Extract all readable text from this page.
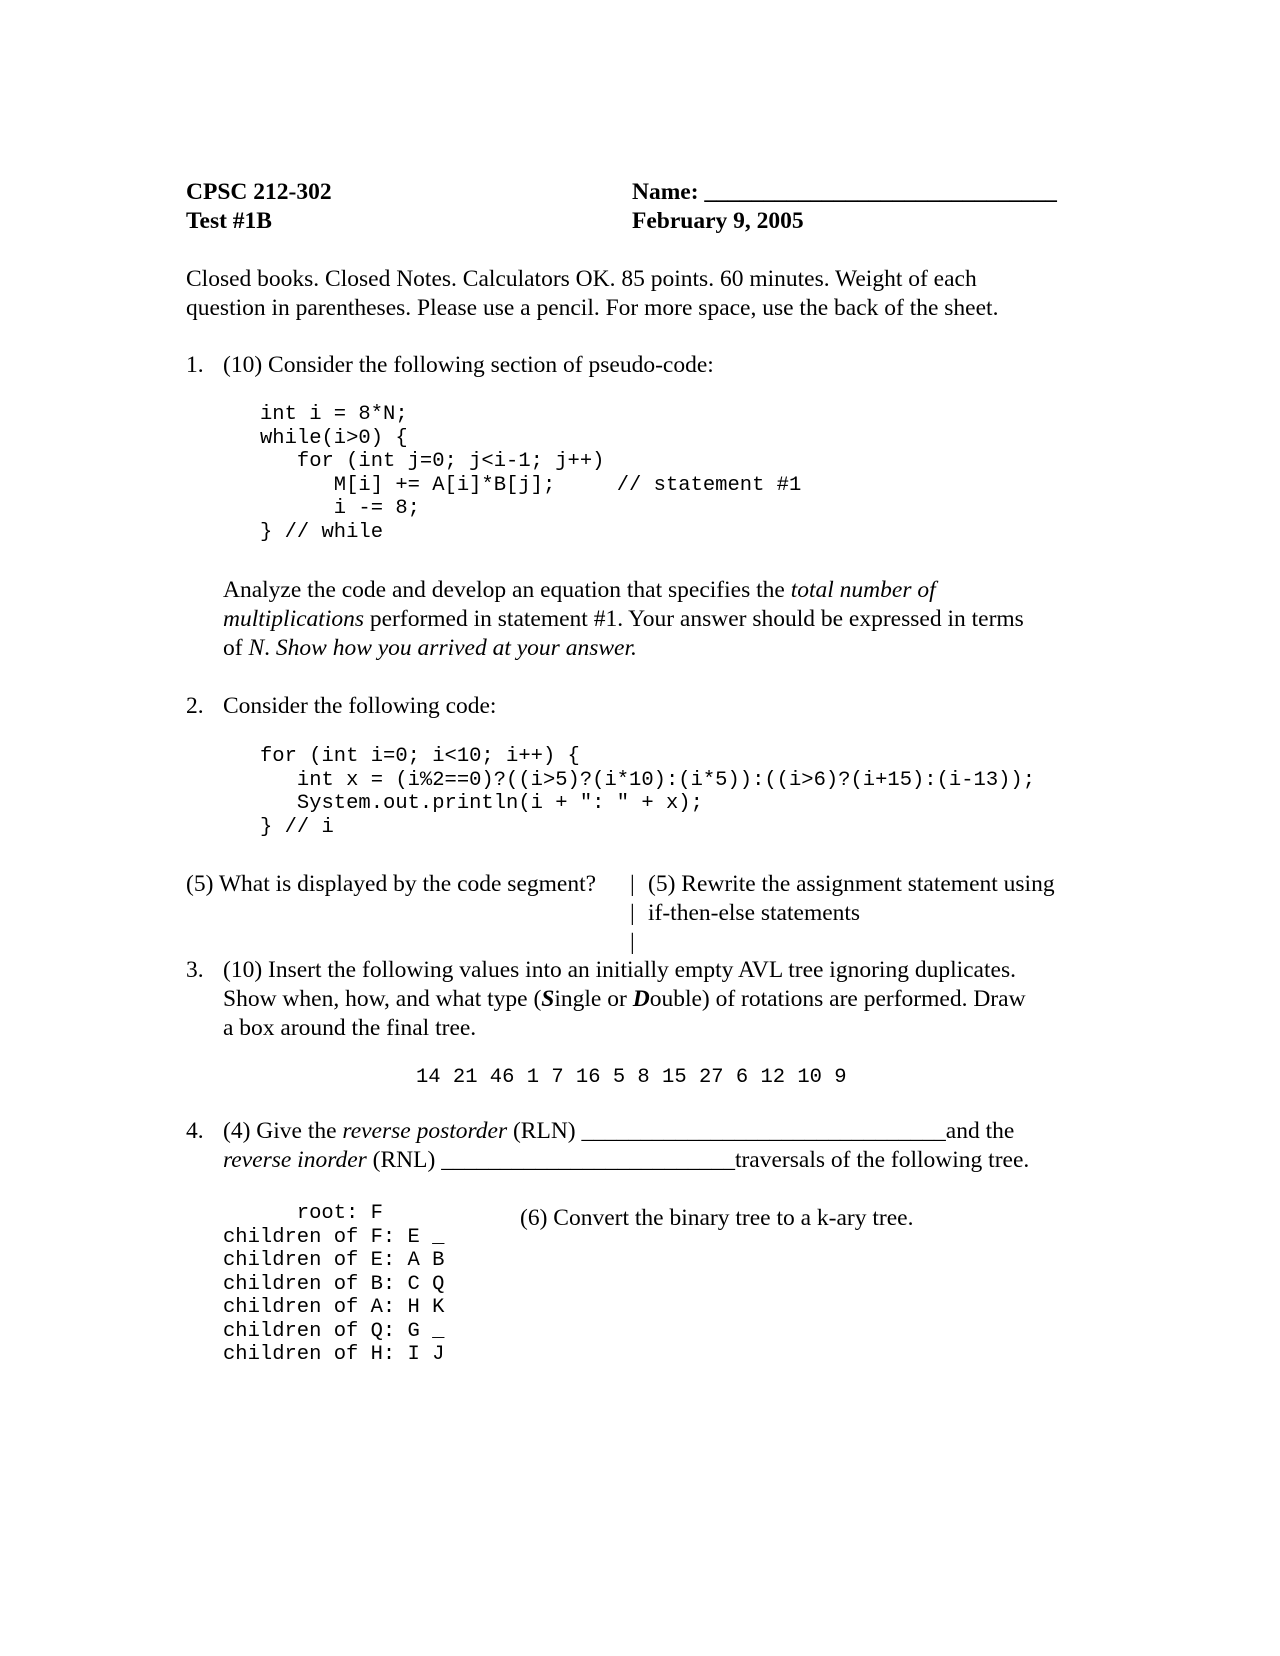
CPSC 212-302
Test #1B
Name: ______________________________
February 9, 2005
Closed books. Closed Notes. Calculators OK. 85 points. 60 minutes. Weight of each
question in parentheses. Please use a pencil. For more space, use the back of the sheet.
1. (10) Consider the following section of pseudo-code:
int i = 8*N;
while(i>0) {
for (int j=0; j<i-1; j++)
M[i] += A[i]*B[j];     // statement #1
i -= 8;
} // while
Analyze the code and develop an equation that specifies the total number of
multiplications performed in statement #1. Your answer should be expressed in terms
of N. Show how you arrived at your answer.
2. Consider the following code:
for (int i=0; i<10; i++) {
int x = (i%2==0)?((i>5)?(i*10):(i*5)):((i>6)?(i+15):(i-13));
System.out.println(i + ": " + x);
} // i
(5) What is displayed by the code segment? | (5) Rewrite the assignment statement using
| if-then-else statements
|
3. (10) Insert the following values into an initially empty AVL tree ignoring duplicates.
Show when, how, and what type (Single or Double) of rotations are performed. Draw
a box around the final tree.
14 21 46 1 7 16 5 8 15 27 6 12 10 9
4. (4) Give the reverse postorder (RLN) _______________________________and the
reverse inorder (RNL) _________________________traversals of the following tree.
root: F
children of F: E _
children of E: A B
children of B: C Q
children of A: H K
children of Q: G _
children of H: I J
(6) Convert the binary tree to a k-ary tree.
